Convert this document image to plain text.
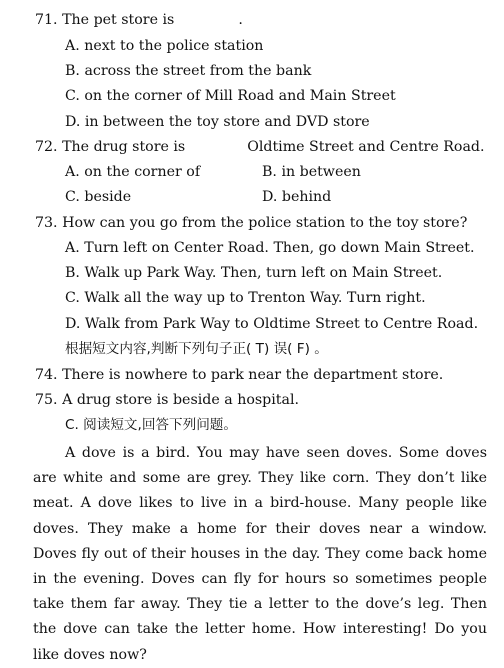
71. The pet store is	.
A. next to the police station
B. across the street from the bank
C. on the corner of Mill Road and Main Street
D. in between the toy store and DVD store
72. The drug store is	Oldtime Street and Centre Road.
A. on the corner of	B. in between
C. beside	D. behind
73. How can you go from the police station to the toy store?
A. Turn left on Center Road. Then, go down Main Street.
B. Walk up Park Way. Then, turn left on Main Street.
C. Walk all the way up to Trenton Way. Turn right.
D. Walk from Park Way to Oldtime Street to Centre Road.
根据短文内容,判断下列句子正( T) 误( F) 。
74. There is nowhere to park near the department store.
75. A drug store is beside a hospital.
C. 阅读短文,回答下列问题。
A dove is a bird. You may have seen doves. Some doves are white and some are grey. They like corn. They don’t like meat. A dove likes to live in a bird-house. Many people like doves. They make a home for their doves near a window. Doves fly out of their houses in the day. They come back home in the evening. Doves can fly for hours so sometimes people take them far away. They tie a letter to the dove’s leg. Then the dove can take the letter home. How interesting! Do you like doves now?
